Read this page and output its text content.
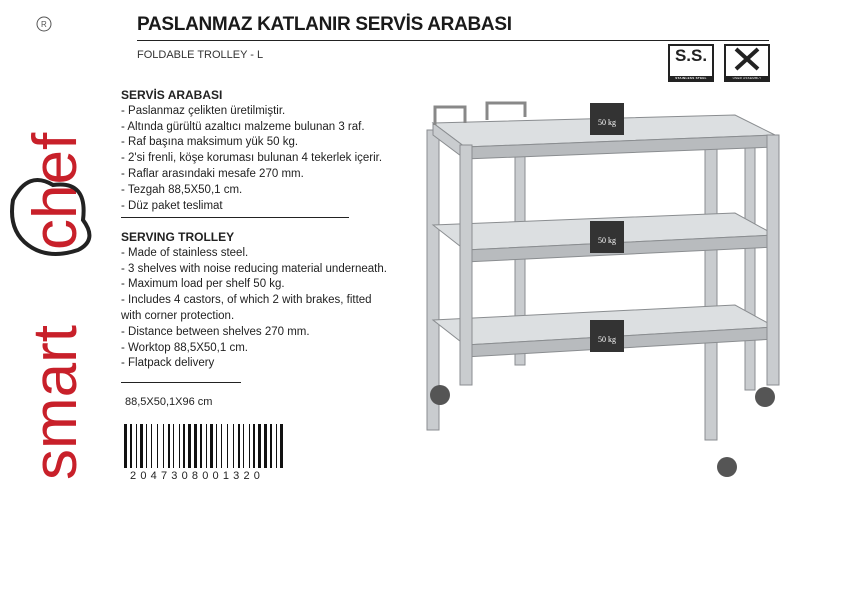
R
smart
chef
PASLANMAZ KATLANIR SERVİS ARABASI
FOLDABLE TROLLEY - L	S.S.
STAINLESS STEEL	USER ASSEMBLY
SERVİS ARABASI
- Paslanmaz çelikten üretilmiştir.
- Altında gürültü azaltıcı malzeme bulunan 3 raf.
- Raf başına maksimum yük 50 kg.
- 2'si frenli, köşe koruması bulunan 4 tekerlek içerir.
- Raflar arasındaki mesafe 270 mm.
- Tezgah 88,5X50,1 cm.
- Düz paket teslimat
SERVING TROLLEY
- Made of stainless steel.
- 3 shelves with noise reducing material underneath.
- Maximum load per shelf 50 kg.
- Includes 4 castors, of which 2 with brakes, fitted
with corner protection.
- Distance between shelves 270 mm.
- Worktop 88,5X50,1 cm.
- Flatpack delivery
88,5X50,1X96 cm
2047308001320
50 kg
50 kg
50 kg
